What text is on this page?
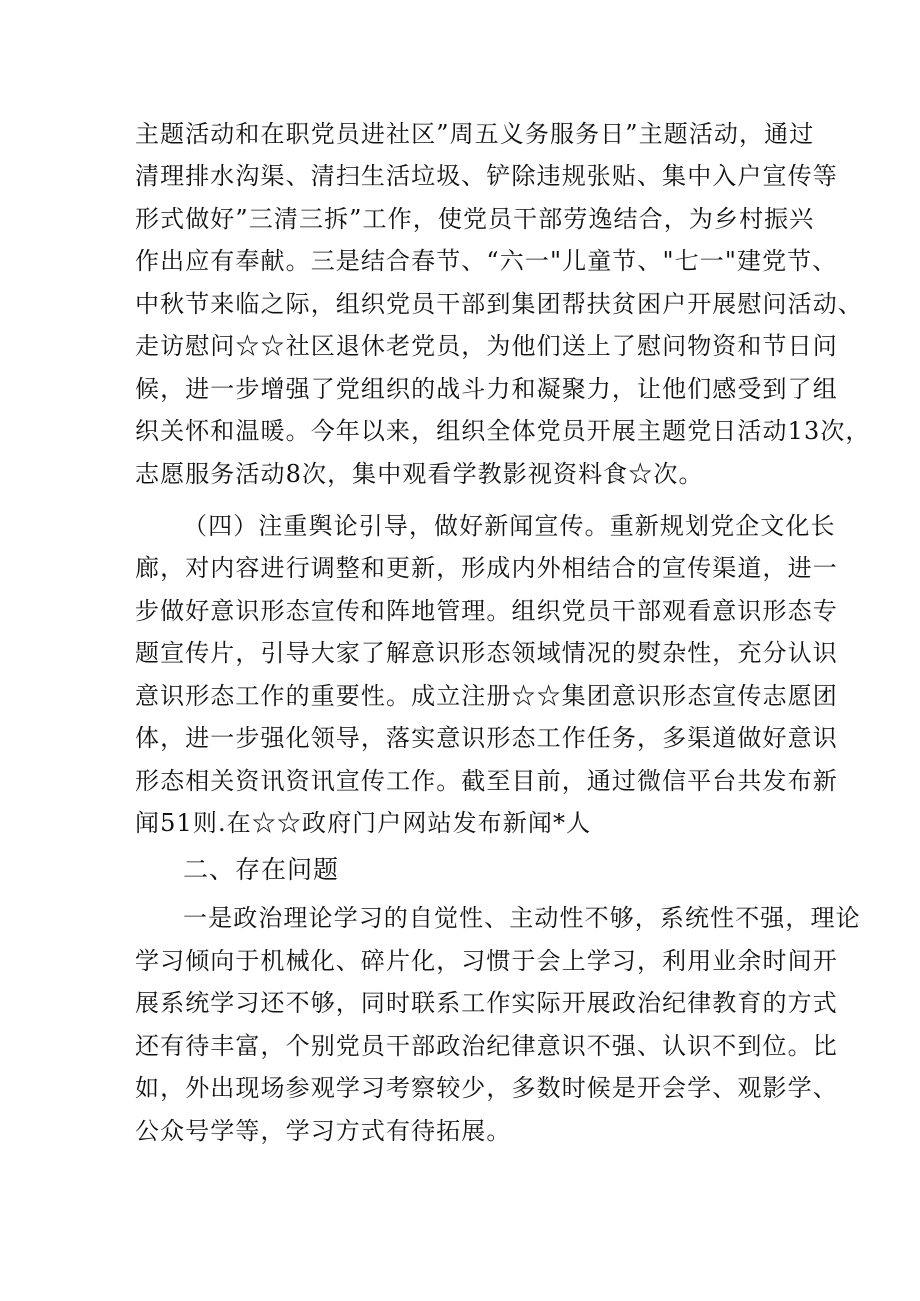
主题活动和在职党员进社区”周五义务服务日”主题活动，通过
清理排水沟渠、清扫生活垃圾、铲除违规张贴、集中入户宣传等
形式做好”三清三拆”工作，使党员干部劳逸结合，为乡村振兴
作出应有奉献。三是结合春节、“六一"儿童节、"七一"建党节、
中秋节来临之际，组织党员干部到集团帮扶贫困户开展慰问活动、
走访慰问☆☆社区退休老党员，为他们送上了慰问物资和节日问
候，进一步增强了党组织的战斗力和凝聚力，让他们感受到了组
织关怀和温暖。今年以来，组织全体党员开展主题党日活动13次，
志愿服务活动8次，集中观看学教影视资料食☆次。
（四）注重舆论引导，做好新闻宣传。重新规划党企文化长
廊，对内容进行调整和更新，形成内外相结合的宣传渠道，进一
步做好意识形态宣传和阵地管理。组织党员干部观看意识形态专
题宣传片，引导大家了解意识形态领域情况的熨杂性，充分认识
意识形态工作的重要性。成立注册☆☆集团意识形态宣传志愿团
体，进一步强化领导，落实意识形态工作任务，多渠道做好意识
形态相关资讯资讯宣传工作。截至目前，通过微信平台共发布新
闻51则.在☆☆政府门户网站发布新闻*人
二、存在问题
一是政治理论学习的自觉性、主动性不够，系统性不强，理论
学习倾向于机械化、碎片化，习惯于会上学习，利用业余时间开
展系统学习还不够，同时联系工作实际开展政治纪律教育的方式
还有待丰富，个别党员干部政治纪律意识不强、认识不到位。比
如，外出现场参观学习考察较少，多数时候是开会学、观影学、
公众号学等，学习方式有待拓展。
